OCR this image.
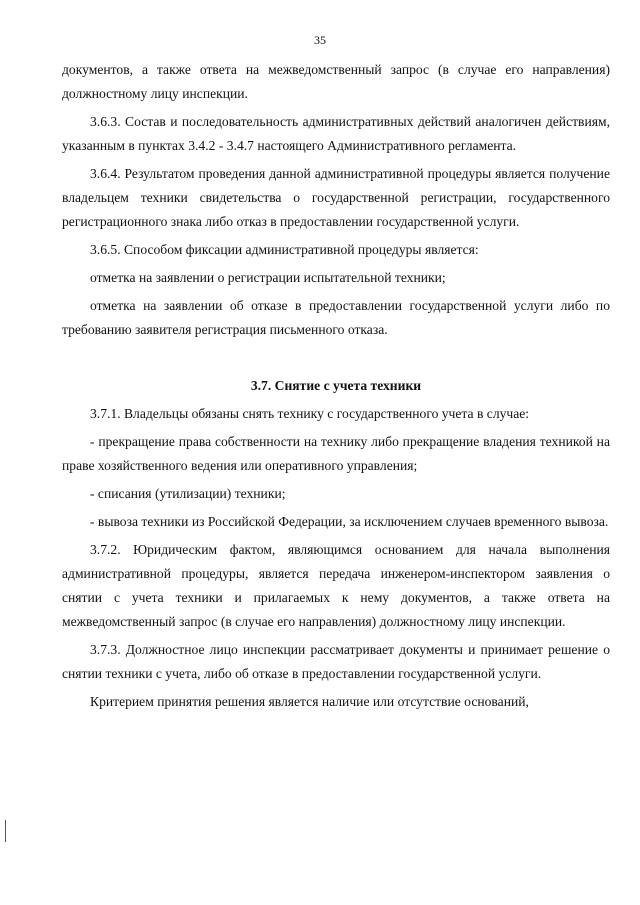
35

документов, а также ответа на межведомственный запрос (в случае его направления) должностному лицу инспекции.

3.6.3. Состав и последовательность административных действий аналогичен действиям, указанным в пунктах 3.4.2 - 3.4.7 настоящего Административного регламента.

3.6.4. Результатом проведения данной административной процедуры является получение владельцем техники свидетельства о государственной регистрации, государственного регистрационного знака либо отказ в предоставлении государственной услуги.

3.6.5. Способом фиксации административной процедуры является:

отметка на заявлении о регистрации испытательной техники;

отметка на заявлении об отказе в предоставлении государственной услуги либо по требованию заявителя регистрация письменного отказа.

3.7. Снятие с учета техники

3.7.1. Владельцы обязаны снять технику с государственного учета в случае:

- прекращение права собственности на технику либо прекращение владения техникой на праве хозяйственного ведения или оперативного управления;

- списания (утилизации) техники;

- вывоза техники из Российской Федерации, за исключением случаев временного вывоза.

3.7.2. Юридическим фактом, являющимся основанием для начала выполнения административной процедуры, является передача инженером-инспектором заявления о снятии с учета техники и прилагаемых к нему документов, а также ответа на межведомственный запрос (в случае его направления) должностному лицу инспекции.

3.7.3. Должностное лицо инспекции рассматривает документы и принимает решение о снятии техники с учета, либо об отказе в предоставлении государственной услуги.

Критерием принятия решения является наличие или отсутствие оснований,
